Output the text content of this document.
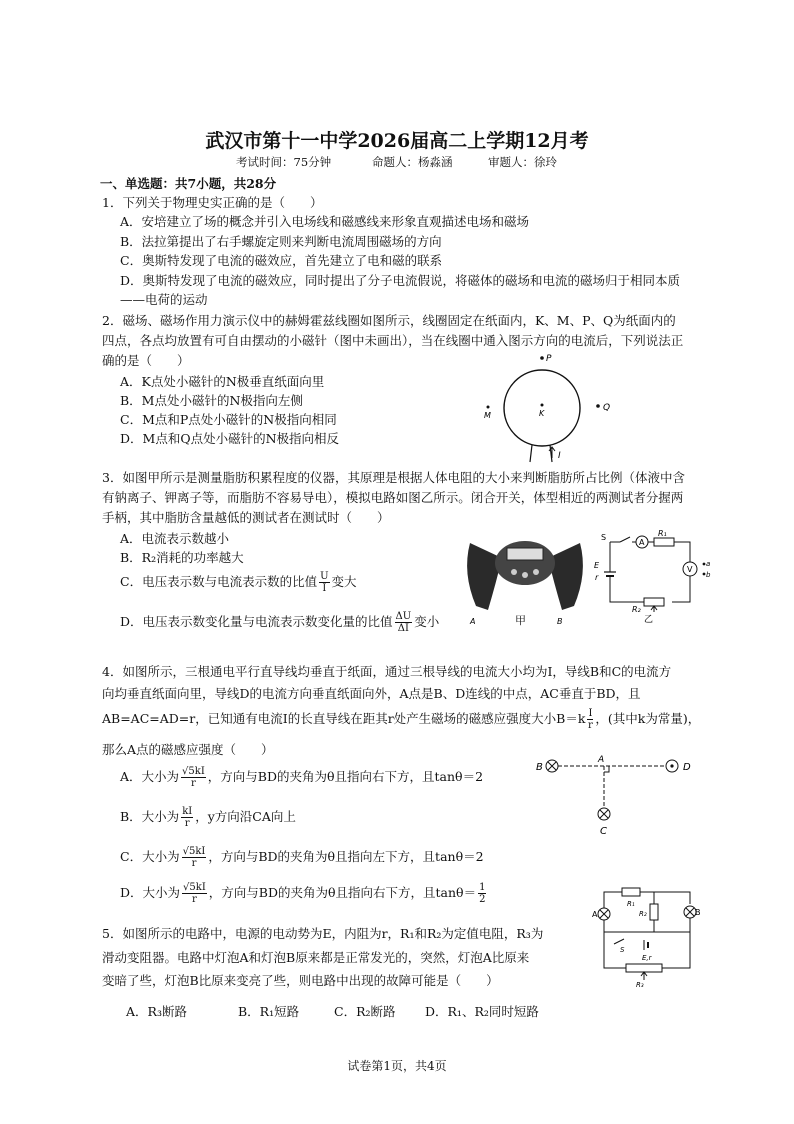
武汉市第十一中学2026届高二上学期12月考
考试时间：75分钟	命题人：杨淼涵	审题人：徐玲
一、单选题：共7小题，共28分
1．下列关于物理史实正确的是（　　）
A．安培建立了场的概念并引入电场线和磁感线来形象直观描述电场和磁场
B．法拉第提出了右手螺旋定则来判断电流周围磁场的方向
C．奥斯特发现了电流的磁效应，首先建立了电和磁的联系
D．奥斯特发现了电流的磁效应，同时提出了分子电流假说，将磁体的磁场和电流的磁场归于相同本质
——电荷的运动
2．磁场、磁场作用力演示仪中的赫姆霍兹线圈如图所示，线圈固定在纸面内，K、M、P、Q为纸面内的
四点，各点均放置有可自由摆动的小磁针（图中未画出），当在线圈中通入图示方向的电流后，下列说法正
确的是（　　）
A．K点处小磁针的N极垂直纸面向里
B．M点处小磁针的N极指向左侧
C．M点和P点处小磁针的N极指向相同
D．M点和Q点处小磁针的N极指向相反
P
M	K
Q
I
3．如图甲所示是测量脂肪积累程度的仪器，其原理是根据人体电阻的大小来判断脂肪所占比例（体液中含
有钠离子、钾离子等，而脂肪不容易导电），模拟电路如图乙所示。闭合开关，体型相近的两测试者分握两
手柄，其中脂肪含量越低的测试者在测试时（　　）
A．电流表示数越小
B．R₂消耗的功率越大
C．电压表示数与电流表示数的比值 $\frac{U}{I}$ 变大
D．电压表示数变化量与电流表示数变化量的比值 $\frac{\Delta U}{\Delta I}$ 变小	A	B
甲
A
V
S	R₁
E
r
R₂
a
b
乙
4．如图所示，三根通电平行直导线均垂直于纸面，通过三根导线的电流大小均为I，导线B和C的电流方
向均垂直纸面向里，导线D的电流方向垂直纸面向外，A点是B、D连线的中点，AC垂直于BD，且
AB=AC=AD=r，已知通有电流I的长直导线在距其r处产生磁场的磁感应强度大小$B=k \frac{I}{r}$ ，(其中k为常量)，
那么A点的磁感应强度（　　）
A．大小为 $\frac{√5kI}{r}$ ，方向与BD的夹角为θ且指向右下方，且tanθ＝2
B．大小为 $\frac{kI}{r}$ ，y方向沿CA向上
C．大小为 $\frac{√5kI}{r}$ ，方向与BD的夹角为θ且指向左下方，且tanθ＝2
D．大小为 $\frac{√5kI}{r}$ ，方向与BD的夹角为θ且指向右下方，且$\tan\theta= \frac{1}{2}$
B	D
A
C
5．如图所示的电路中，电源的电动势为E，内阻为r，R₁和R₂为定值电阻，R₃为
滑动变阻器。电路中灯泡A和灯泡B原来都是正常发光的，突然，灯泡A比原来
变暗了些，灯泡B比原来变亮了些，则电路中出现的故障可能是（　　）
A．R₃断路	B．R₁短路	C．R₂断路 D．R₁、R₂同时短路
R₁
R₂
A	B
S
E,r
R₃
试卷第1页，共4页
